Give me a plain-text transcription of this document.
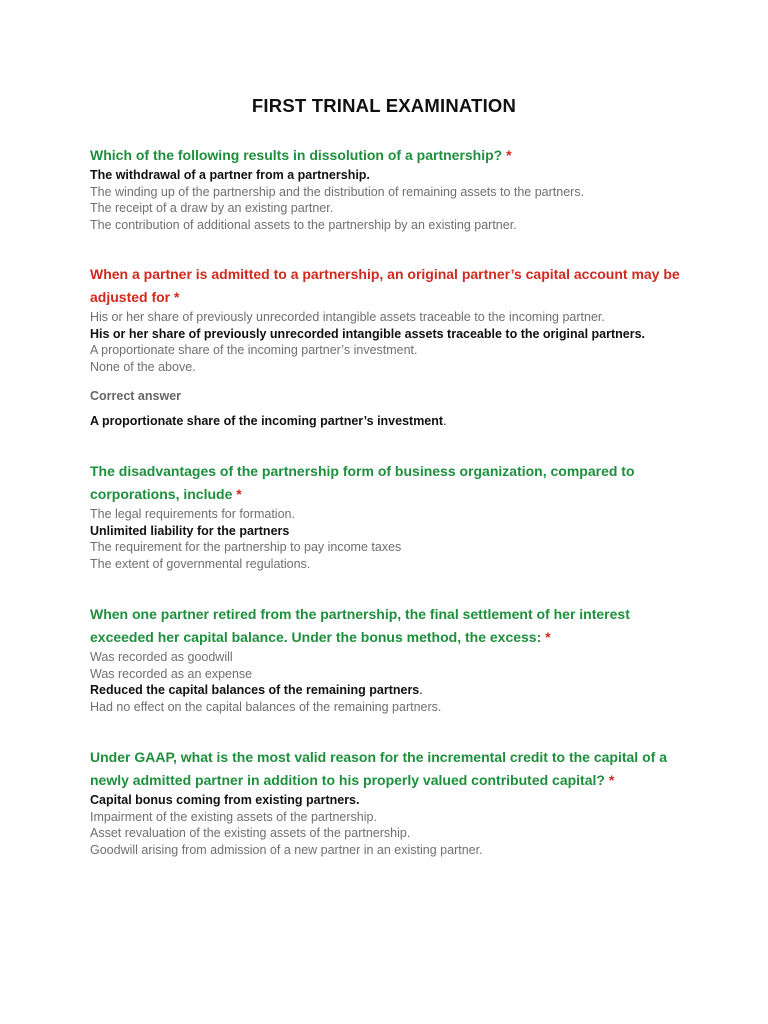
FIRST TRINAL EXAMINATION
Which of the following results in dissolution of a partnership? *
The withdrawal of a partner from a partnership.
The winding up of the partnership and the distribution of remaining assets to the partners.
The receipt of a draw by an existing partner.
The contribution of additional assets to the partnership by an existing partner.
When a partner is admitted to a partnership, an original partner’s capital account may be adjusted for *
His or her share of previously unrecorded intangible assets traceable to the incoming partner.
His or her share of previously unrecorded intangible assets traceable to the original partners.
A proportionate share of the incoming partner’s investment.
None of the above.
Correct answer
A proportionate share of the incoming partner’s investment.
The disadvantages of the partnership form of business organization, compared to corporations, include *
The legal requirements for formation.
Unlimited liability for the partners
The requirement for the partnership to pay income taxes
The extent of governmental regulations.
When one partner retired from the partnership, the final settlement of her interest exceeded her capital balance. Under the bonus method, the excess: *
Was recorded as goodwill
Was recorded as an expense
Reduced the capital balances of the remaining partners.
Had no effect on the capital balances of the remaining partners.
Under GAAP, what is the most valid reason for the incremental credit to the capital of a newly admitted partner in addition to his properly valued contributed capital? *
Capital bonus coming from existing partners.
Impairment of the existing assets of the partnership.
Asset revaluation of the existing assets of the partnership.
Goodwill arising from admission of a new partner in an existing partner.
